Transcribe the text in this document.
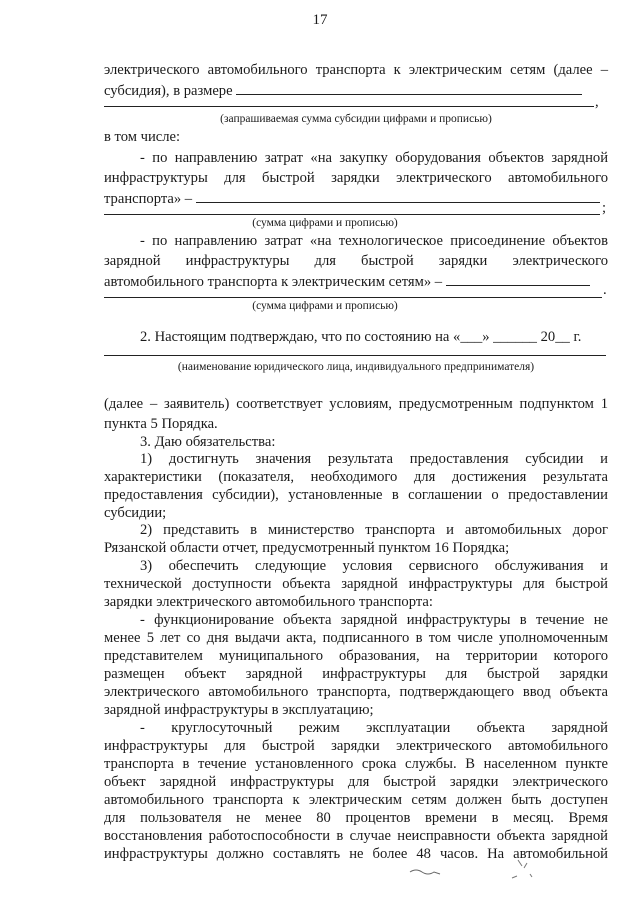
17
электрического автомобильного транспорта к электрическим сетям (далее –
субсидия), в размере
,
(запрашиваемая сумма субсидии цифрами и прописью)
в том числе:
- по направлению затрат «на закупку оборудования объектов зарядной
инфраструктуры для быстрой зарядки электрического автомобильного
транспорта» –
;
(сумма цифрами и прописью)
- по направлению затрат «на технологическое присоединение объектов
зарядной инфраструктуры для быстрой зарядки электрического
автомобильного транспорта к электрическим сетям» –	.
(сумма цифрами и прописью)
2. Настоящим подтверждаю, что по состоянию на «___» ______ 20__ г.
(наименование юридического лица, индивидуального предпринимателя)
(далее – заявитель) соответствует условиям, предусмотренным подпунктом 1
пункта 5 Порядка.
3. Даю обязательства:
1) достигнуть значения результата предоставления субсидии и
характеристики (показателя, необходимого для достижения результата
предоставления субсидии), установленные в соглашении о предоставлении
субсидии;
2) представить в министерство транспорта и автомобильных дорог
Рязанской области отчет, предусмотренный пунктом 16 Порядка;
3) обеспечить следующие условия сервисного обслуживания и
технической доступности объекта зарядной инфраструктуры для быстрой
зарядки электрического автомобильного транспорта:
- функционирование объекта зарядной инфраструктуры в течение не
менее 5 лет со дня выдачи акта, подписанного в том числе уполномоченным
представителем муниципального образования, на территории которого
размещен объект зарядной инфраструктуры для быстрой зарядки
электрического автомобильного транспорта, подтверждающего ввод объекта
зарядной инфраструктуры в эксплуатацию;
- круглосуточный режим эксплуатации объекта зарядной
инфраструктуры для быстрой зарядки электрического автомобильного
транспорта в течение установленного срока службы. В населенном пункте
объект зарядной инфраструктуры для быстрой зарядки электрического
автомобильного транспорта к электрическим сетям должен быть доступен
для пользователя не менее 80 процентов времени в месяц. Время
восстановления работоспособности в случае неисправности объекта зарядной
инфраструктуры должно составлять не более 48 часов. На автомобильной
